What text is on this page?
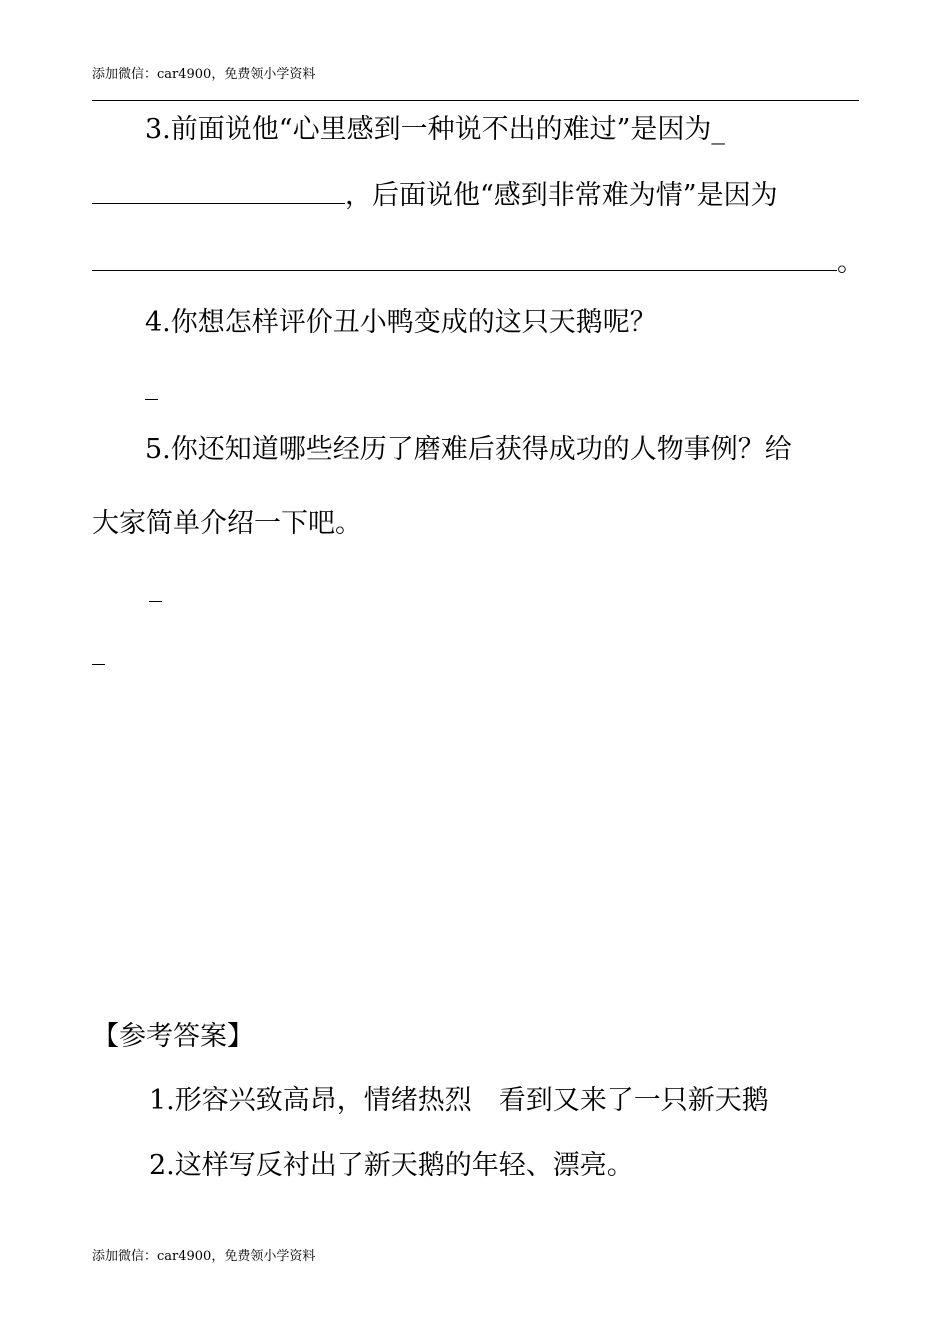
添加微信：car4900，免费领小学资料
3.前面说他“心里感到一种说不出的难过”是因为_
，后面说他“感到非常难为情”是因为
。
4.你想怎样评价丑小鸭变成的这只天鹅呢？
5.你还知道哪些经历了磨难后获得成功的人物事例？给
大家简单介绍一下吧。
【参考答案】
1.形容兴致高昂，情绪热烈　看到又来了一只新天鹅
2.这样写反衬出了新天鹅的年轻、漂亮。
添加微信：car4900，免费领小学资料
